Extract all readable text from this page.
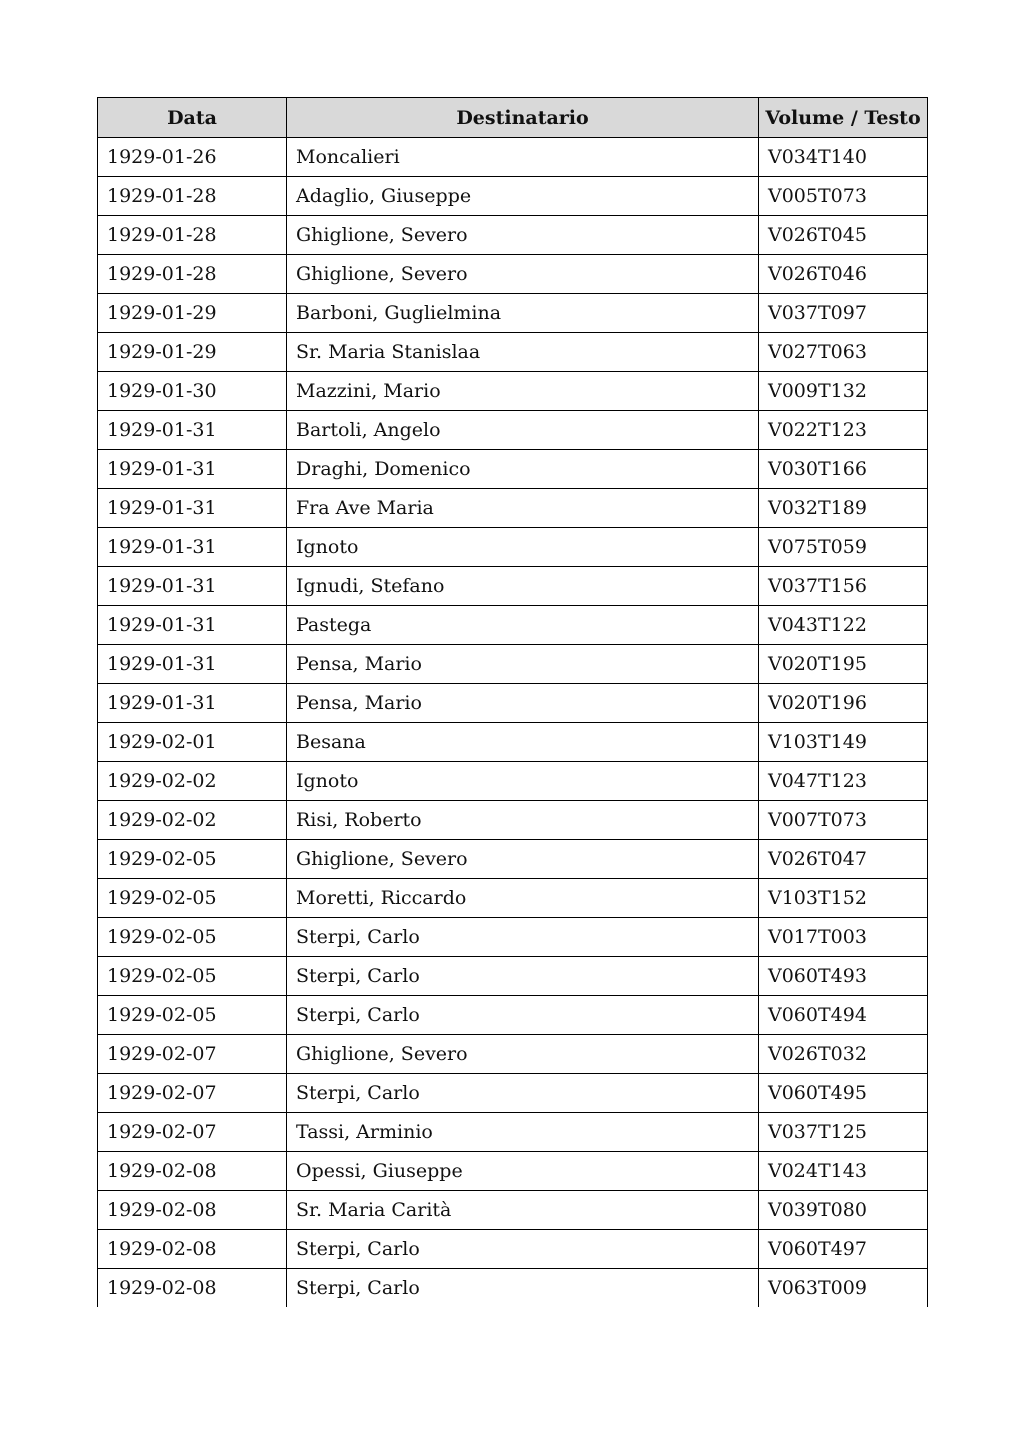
Data	Destinatario	Volume / Testo
1929-01-26	Moncalieri	V034T140
1929-01-28	Adaglio, Giuseppe	V005T073
1929-01-28	Ghiglione, Severo	V026T045
1929-01-28	Ghiglione, Severo	V026T046
1929-01-29	Barboni, Guglielmina	V037T097
1929-01-29	Sr. Maria Stanislaa	V027T063
1929-01-30	Mazzini, Mario	V009T132
1929-01-31	Bartoli, Angelo	V022T123
1929-01-31	Draghi, Domenico	V030T166
1929-01-31	Fra Ave Maria	V032T189
1929-01-31	Ignoto	V075T059
1929-01-31	Ignudi, Stefano	V037T156
1929-01-31	Pastega	V043T122
1929-01-31	Pensa, Mario	V020T195
1929-01-31	Pensa, Mario	V020T196
1929-02-01	Besana	V103T149
1929-02-02	Ignoto	V047T123
1929-02-02	Risi, Roberto	V007T073
1929-02-05	Ghiglione, Severo	V026T047
1929-02-05	Moretti, Riccardo	V103T152
1929-02-05	Sterpi, Carlo	V017T003
1929-02-05	Sterpi, Carlo	V060T493
1929-02-05	Sterpi, Carlo	V060T494
1929-02-07	Ghiglione, Severo	V026T032
1929-02-07	Sterpi, Carlo	V060T495
1929-02-07	Tassi, Arminio	V037T125
1929-02-08	Opessi, Giuseppe	V024T143
1929-02-08	Sr. Maria Carità	V039T080
1929-02-08	Sterpi, Carlo	V060T497
1929-02-08	Sterpi, Carlo	V063T009
